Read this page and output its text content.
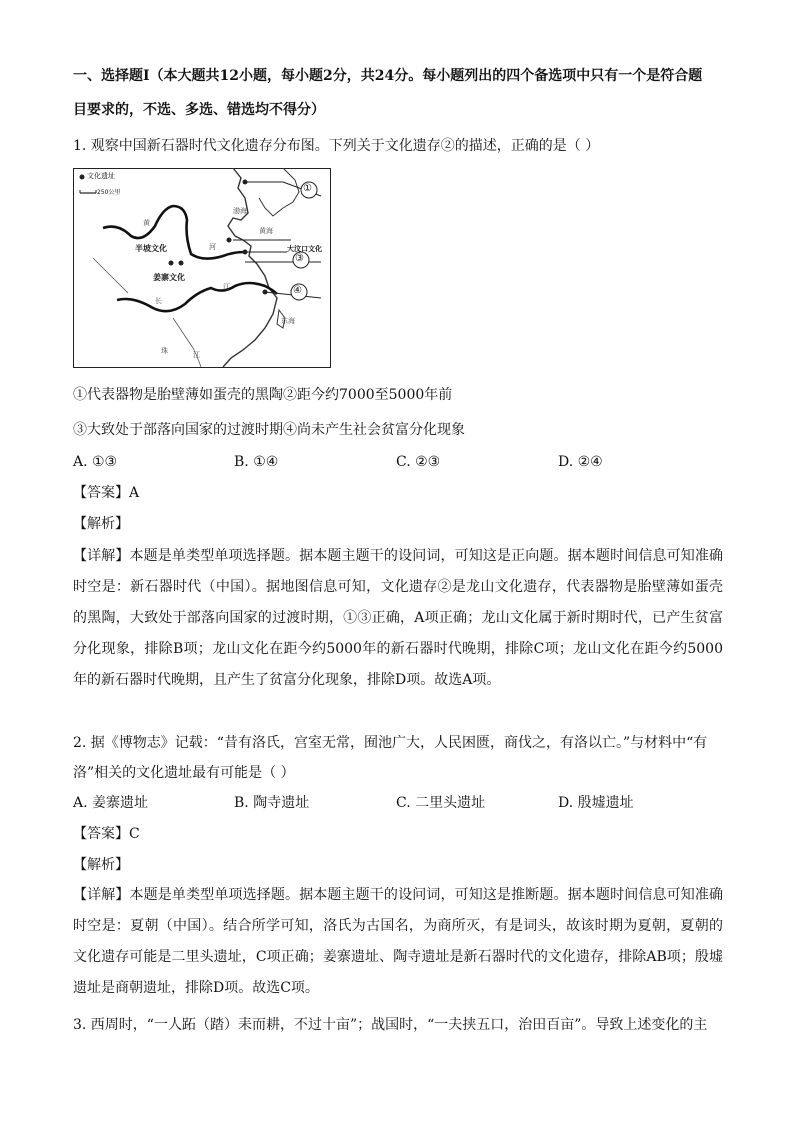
一、选择题Ⅰ（本大题共12小题，每小题2分，共24分。每小题列出的四个备选项中只有一个是符合题
目要求的，不选、多选、错选均不得分）
1. 观察中国新石器时代文化遗存分布图。下列关于文化遗存②的描述，正确的是（ ）
文化遗址
250公里
半坡文化
姜寨文化
大汶口文化
黄
河
长
江
黄海
渤海
东海
珠	江
①
③
④
①代表器物是胎壁薄如蛋壳的黑陶②距今约7000至5000年前
③大致处于部落向国家的过渡时期④尚未产生社会贫富分化现象
A. ①③	B. ①④	C. ②③	D. ②④
【答案】A
【解析】
【详解】本题是单类型单项选择题。据本题主题干的设问词，可知这是正向题。据本题时间信息可知准确时空是：新石器时代（中国）。据地图信息可知，文化遗存②是龙山文化遗存，代表器物是胎壁薄如蛋壳的黑陶，大致处于部落向国家的过渡时期，①③正确，A项正确；龙山文化属于新时期时代，已产生贫富分化现象，排除B项；龙山文化在距今约5000年的新石器时代晚期，排除C项；龙山文化在距今约5000年的新石器时代晚期，且产生了贫富分化现象，排除D项。故选A项。
2. 据《博物志》记载：“昔有洛氏，宫室无常，囿池广大，人民困匮，商伐之，有洛以亡。”与材料中“有
洛”相关的文化遗址最有可能是（ ）
A. 姜寨遗址	B. 陶寺遗址	C. 二里头遗址	D. 殷墟遗址
【答案】C
【解析】
【详解】本题是单类型单项选择题。据本题主题干的设问词，可知这是推断题。据本题时间信息可知准确时空是：夏朝（中国）。结合所学可知，洛氏为古国名，为商所灭，有是词头，故该时期为夏朝，夏朝的文化遗存可能是二里头遗址，C项正确；姜寨遗址、陶寺遗址是新石器时代的文化遗存，排除AB项；殷墟遗址是商朝遗址，排除D项。故选C项。
3. 西周时，“一人跖（踏）耒而耕，不过十亩”；战国时，“一夫挟五口，治田百亩”。导致上述变化的主
